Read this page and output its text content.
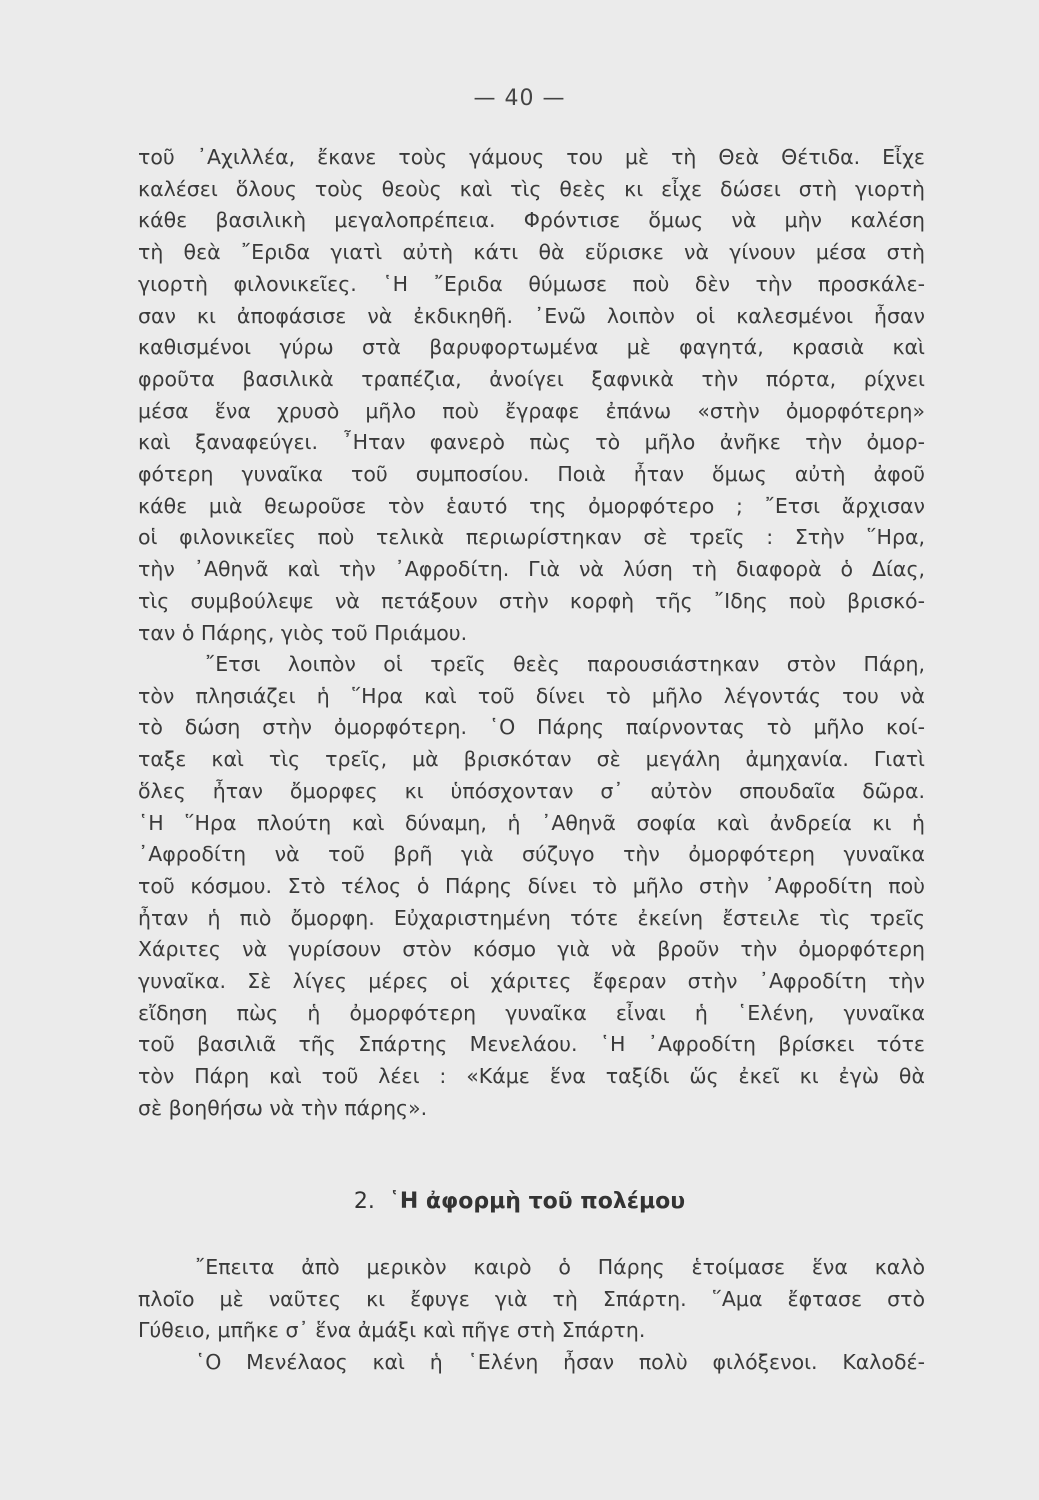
— 40 —
τοῦ ᾿Αχιλλέα, ἔκανε τοὺς γάμους του μὲ τὴ Θεὰ Θέτιδα. Εἶχε
καλέσει ὅλους τοὺς θεοὺς καὶ τὶς θεὲς κι εἶχε δώσει στὴ γιορτὴ
κάθε βασιλικὴ μεγαλοπρέπεια. Φρόντισε ὅμως νὰ μὴν καλέση
τὴ θεὰ ῎Εριδα γιατὶ αὐτὴ κάτι θὰ εὕρισκε νὰ γίνουν μέσα στὴ
γιορτὴ φιλονικεῖες. ῾Η ῎Εριδα θύμωσε ποὺ δὲν τὴν προσκάλε-
σαν κι ἀποφάσισε νὰ ἐκδικηθῆ. ᾿Ενῶ λοιπὸν οἱ καλεσμένοι ἦσαν
καθισμένοι γύρω στὰ βαρυφορτωμένα μὲ φαγητά, κρασιὰ καὶ
φροῦτα βασιλικὰ τραπέζια, ἀνοίγει ξαφνικὰ τὴν πόρτα, ρίχνει
μέσα ἕνα χρυσὸ μῆλο ποὺ ἔγραφε ἐπάνω «στὴν ὀμορφότερη»
καὶ ξαναφεύγει. ῏Ηταν φανερὸ πὼς τὸ μῆλο ἀνῆκε τὴν ὀμορ-
φότερη γυναῖκα τοῦ συμποσίου. Ποιὰ ἦταν ὅμως αὐτὴ ἀφοῦ
κάθε μιὰ θεωροῦσε τὸν ἑαυτό της ὀμορφότερο ; ῎Ετσι ἄρχισαν
οἱ φιλονικεῖες ποὺ τελικὰ περιωρίστηκαν σὲ τρεῖς : Στὴν ῞Ηρα,
τὴν ᾿Αθηνᾶ καὶ τὴν ᾿Αφροδίτη. Γιὰ νὰ λύση τὴ διαφορὰ ὁ Δίας,
τὶς συμβούλεψε νὰ πετάξουν στὴν κορφὴ τῆς ῎Ιδης ποὺ βρισκό-
ταν ὁ Πάρης, γιὸς τοῦ Πριάμου.
῎Ετσι λοιπὸν οἱ τρεῖς θεὲς παρουσιάστηκαν στὸν Πάρη,
τὸν πλησιάζει ἡ ῞Ηρα καὶ τοῦ δίνει τὸ μῆλο λέγοντάς του νὰ
τὸ δώση στὴν ὀμορφότερη. ῾Ο Πάρης παίρνοντας τὸ μῆλο κοί-
ταξε καὶ τὶς τρεῖς, μὰ βρισκόταν σὲ μεγάλη ἀμηχανία. Γιατὶ
ὅλες ἦταν ὄμορφες κι ὑπόσχονταν σ᾿ αὐτὸν σπουδαῖα δῶρα.
῾Η ῞Ηρα πλούτη καὶ δύναμη, ἡ ᾿Αθηνᾶ σοφία καὶ ἀνδρεία κι ἡ
᾿Αφροδίτη νὰ τοῦ βρῆ γιὰ σύζυγο τὴν ὀμορφότερη γυναῖκα
τοῦ κόσμου. Στὸ τέλος ὁ Πάρης δίνει τὸ μῆλο στὴν ᾿Αφροδίτη ποὺ
ἦταν ἡ πιὸ ὄμορφη. Εὐχαριστημένη τότε ἐκείνη ἔστειλε τὶς τρεῖς
Χάριτες νὰ γυρίσουν στὸν κόσμο γιὰ νὰ βροῦν τὴν ὀμορφότερη
γυναῖκα. Σὲ λίγες μέρες οἱ χάριτες ἔφεραν στὴν ᾿Αφροδίτη τὴν
εἴδηση πὼς ἡ ὀμορφότερη γυναῖκα εἶναι ἡ ῾Ελένη, γυναῖκα
τοῦ βασιλιᾶ τῆς Σπάρτης Μενελάου. ῾Η ᾿Αφροδίτη βρίσκει τότε
τὸν Πάρη καὶ τοῦ λέει : «Κάμε ἕνα ταξίδι ὥς ἐκεῖ κι ἐγὼ θὰ
σὲ βοηθήσω νὰ τὴν πάρης».
2. ῾Η ἀφορμὴ τοῦ πολέμου
῎Επειτα ἀπὸ μερικὸν καιρὸ ὁ Πάρης ἑτοίμασε ἕνα καλὸ
πλοῖο μὲ ναῦτες κι ἔφυγε γιὰ τὴ Σπάρτη. ῞Αμα ἔφτασε στὸ
Γύθειο, μπῆκε σ᾿ ἕνα ἀμάξι καὶ πῆγε στὴ Σπάρτη.
῾Ο Μενέλαος καὶ ἡ ῾Ελένη ἦσαν πολὺ φιλόξενοι. Καλοδέ-
